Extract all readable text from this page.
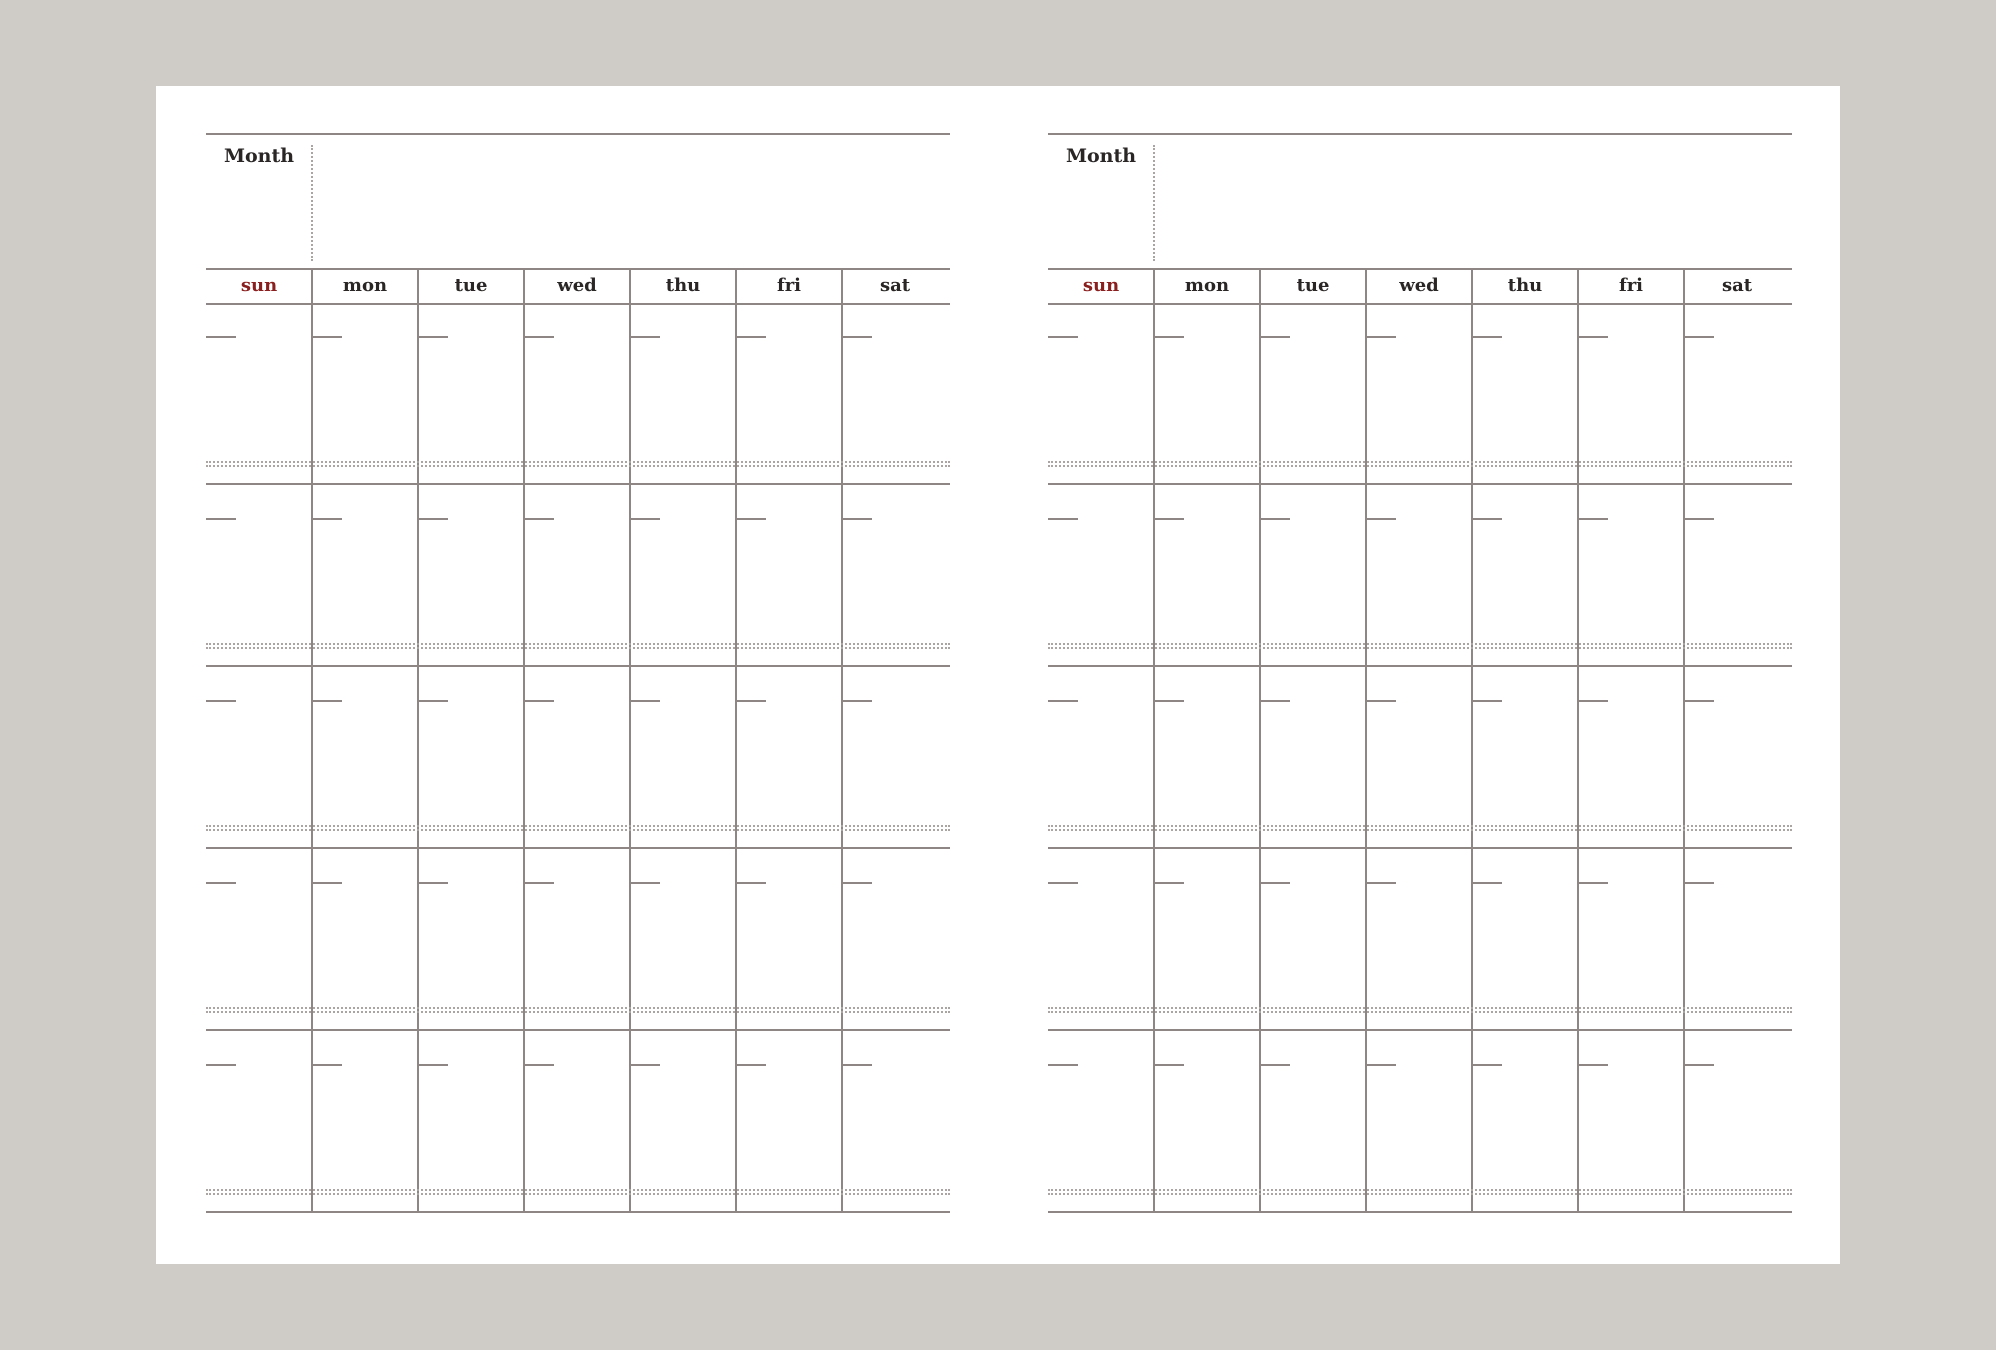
Month
sun	mon	tue	wed	thu	fri	sat
Month
sun	mon	tue	wed	thu	fri	sat
